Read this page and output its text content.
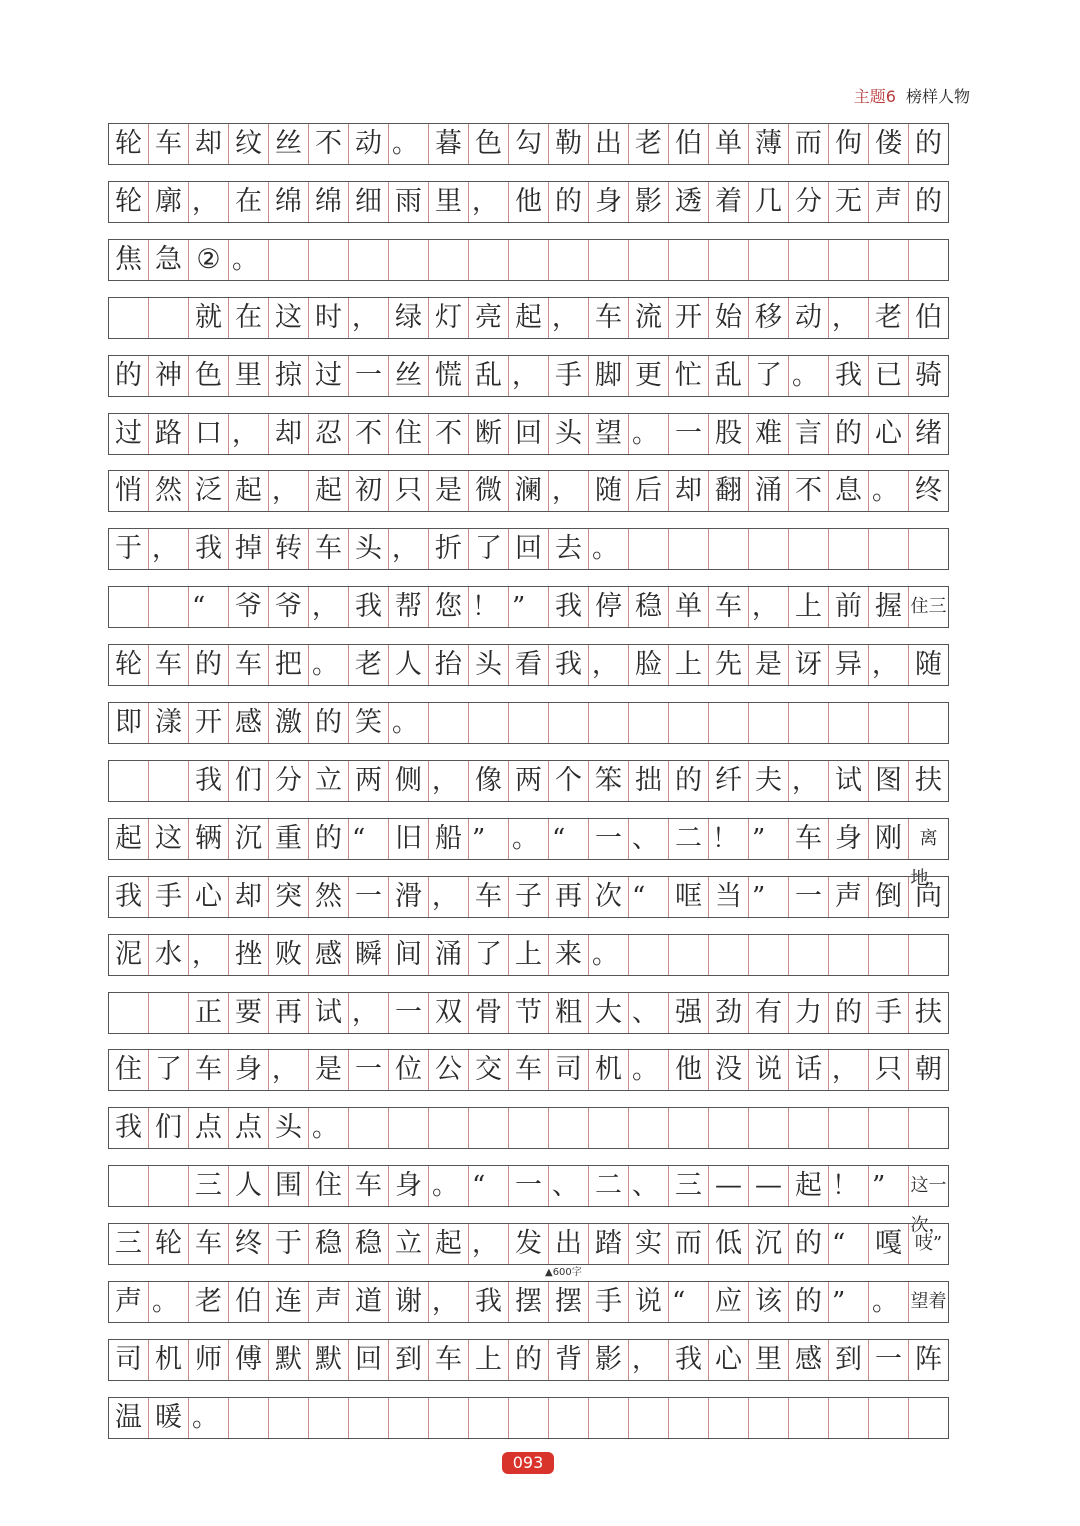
主题6 榜样人物
轮 车 却 纹 丝 不 动 。 暮 色 勾 勒 出 老 伯 单 薄 而 佝 偻 的
轮 廓 ， 在 绵 绵 细 雨 里 ， 他 的 身 影 透 着 几 分 无 声 的
焦 急 ② 。
就 在 这 时 ， 绿 灯 亮 起 ， 车 流 开 始 移 动 ， 老 伯
的 神 色 里 掠 过 一 丝 慌 乱 ， 手 脚 更 忙 乱 了 。 我 已 骑
过 路 口 ， 却 忍 不 住 不 断 回 头 望 。 一 股 难 言 的 心 绪
悄 然 泛 起 ， 起 初 只 是 微 澜 ， 随 后 却 翻 涌 不 息 。 终
于 ， 我 掉 转 车 头 ， 折 了 回 去 。
“	爷 爷 ， 我 帮 您 ！ ”	我 停 稳 单 车 ， 上 前 握 住三
轮 车 的 车 把 。 老 人 抬 头 看 我 ， 脸 上 先 是 讶 异 ， 随
即 漾 开 感 激 的 笑 。
我 们 分 立 两 侧 ， 像 两 个 笨 拙 的 纤 夫 ， 试 图 扶
起 这 辆 沉 重 的 “	旧 船 ”	。 “	一 、 二 ！ ”	车 身 刚 离地，
我 手 心 却 突 然 一 滑 ， 车 子 再 次 “	哐 当 ”	一 声 倒 向
泥 水 ， 挫 败 感 瞬 间 涌 了 上 来 。
正 要 再 试 ， 一 双 骨 节 粗 大 、 强 劲 有 力 的 手 扶
住 了 车 身 ， 是 一 位 公 交 车 司 机 。 他 没 说 话 ， 只 朝
我 们 点 点 头 。
三 人 围 住 车 身 。 “	一 、 二 、 三 — — 起 ！ ”	这一次，
三 轮 车 终 于 稳 稳 立 起 ， 发 出 踏 实 而 低 沉 的 “	嘎 吱”
声 。 老 伯 连 声 道 谢 ， 我 摆 摆 手 说 “	应 该 的 ”	。 望着
司 机 师 傅 默 默 回 到 车 上 的 背 影 ， 我 心 里 感 到 一 阵
温 暖 。
▲600字
093
